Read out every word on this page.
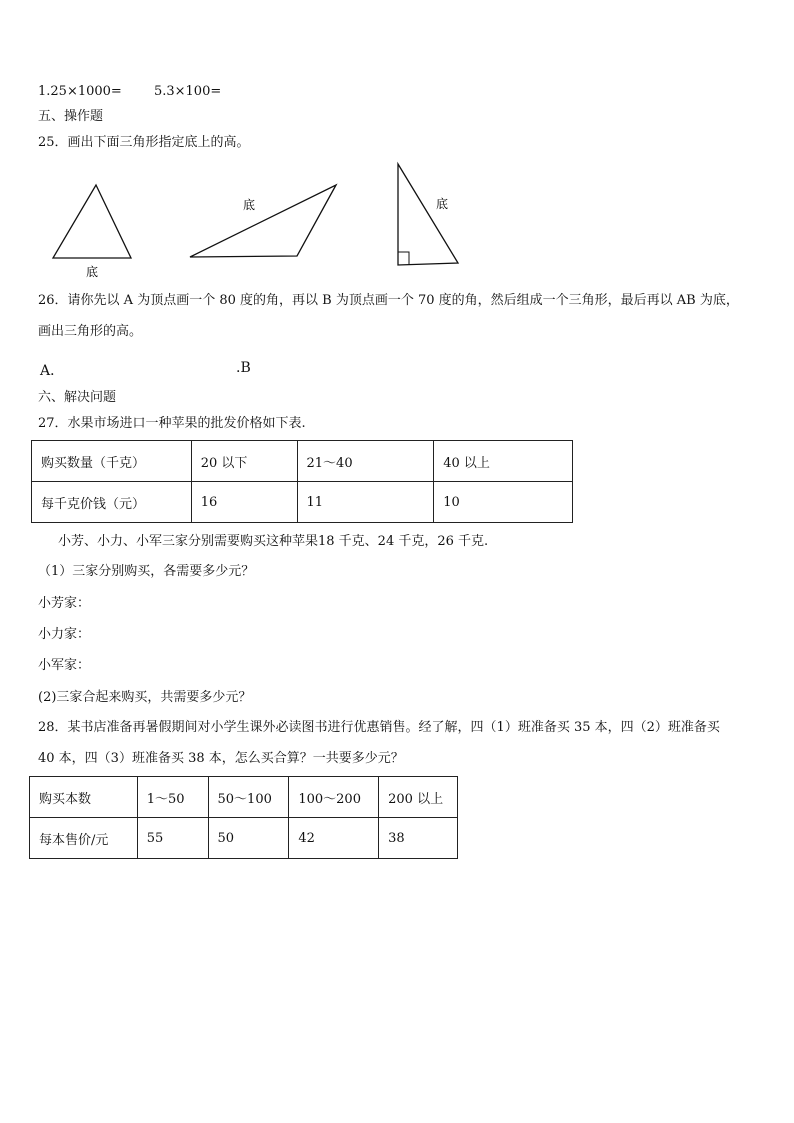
1.25×1000= 5.3×100=
五、操作题
25．画出下面三角形指定底上的高。
底
底	底
26．请你先以 A 为顶点画一个 80 度的角，再以 B 为顶点画一个 70 度的角，然后组成一个三角形，最后再以 AB 为底，
画出三角形的高。
A．	.B
六、解决问题
27．水果市场进口一种苹果的批发价格如下表.
购买数量（千克）	20 以下	21～40	40 以上
每千克价钱（元）	16	11	10
小芳、小力、小军三家分别需要购买这种苹果18 千克、24 千克，26 千克.
（1）三家分别购买，各需要多少元？
小芳家：
小力家：
小军家：
(2)三家合起来购买，共需要多少元？
28．某书店准备再暑假期间对小学生课外必读图书进行优惠销售。经了解，四（1）班准备买 35 本，四（2）班准备买
40 本，四（3）班准备买 38 本，怎么买合算？一共要多少元？
购买本数	1～50	50～100	100～200	200 以上
每本售价/元	55	50	42	38
